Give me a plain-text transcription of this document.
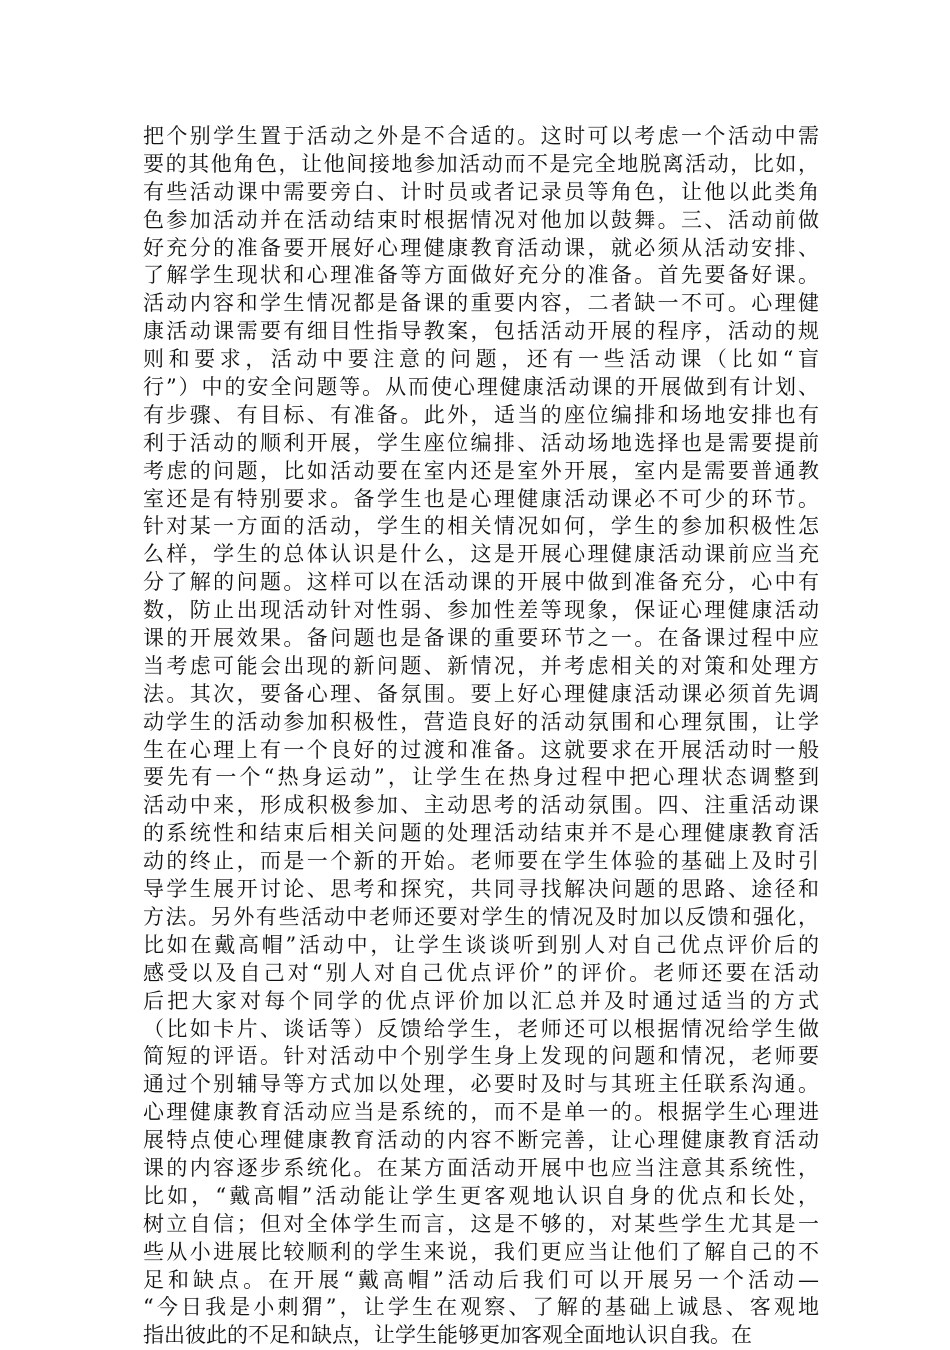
把个别学生置于活动之外是不合适的。这时可以考虑一个活动中需
要的其他角色，让他间接地参加活动而不是完全地脱离活动，比如，
有些活动课中需要旁白、计时员或者记录员等角色，让他以此类角
色参加活动并在活动结束时根据情况对他加以鼓舞。三、活动前做
好充分的准备要开展好心理健康教育活动课，就必须从活动安排、
了解学生现状和心理准备等方面做好充分的准备。首先要备好课。
活动内容和学生情况都是备课的重要内容，二者缺一不可。心理健
康活动课需要有细目性指导教案，包括活动开展的程序，活动的规
则和要求，活动中要注意的问题，还有一些活动课（比如“盲
行”）中的安全问题等。从而使心理健康活动课的开展做到有计划、
有步骤、有目标、有准备。此外，适当的座位编排和场地安排也有
利于活动的顺利开展，学生座位编排、活动场地选择也是需要提前
考虑的问题，比如活动要在室内还是室外开展，室内是需要普通教
室还是有特别要求。备学生也是心理健康活动课必不可少的环节。
针对某一方面的活动，学生的相关情况如何，学生的参加积极性怎
么样，学生的总体认识是什么，这是开展心理健康活动课前应当充
分了解的问题。这样可以在活动课的开展中做到准备充分，心中有
数，防止出现活动针对性弱、参加性差等现象，保证心理健康活动
课的开展效果。备问题也是备课的重要环节之一。在备课过程中应
当考虑可能会出现的新问题、新情况，并考虑相关的对策和处理方
法。其次，要备心理、备氛围。要上好心理健康活动课必须首先调
动学生的活动参加积极性，营造良好的活动氛围和心理氛围，让学
生在心理上有一个良好的过渡和准备。这就要求在开展活动时一般
要先有一个“热身运动”，让学生在热身过程中把心理状态调整到
活动中来，形成积极参加、主动思考的活动氛围。四、注重活动课
的系统性和结束后相关问题的处理活动结束并不是心理健康教育活
动的终止，而是一个新的开始。老师要在学生体验的基础上及时引
导学生展开讨论、思考和探究，共同寻找解决问题的思路、途径和
方法。另外有些活动中老师还要对学生的情况及时加以反馈和强化，
比如在戴高帽”活动中，让学生谈谈听到别人对自己优点评价后的
感受以及自己对“别人对自己优点评价”的评价。老师还要在活动
后把大家对每个同学的优点评价加以汇总并及时通过适当的方式
（比如卡片、谈话等）反馈给学生，老师还可以根据情况给学生做
简短的评语。针对活动中个别学生身上发现的问题和情况，老师要
通过个别辅导等方式加以处理，必要时及时与其班主任联系沟通。
心理健康教育活动应当是系统的，而不是单一的。根据学生心理进
展特点使心理健康教育活动的内容不断完善，让心理健康教育活动
课的内容逐步系统化。在某方面活动开展中也应当注意其系统性，
比如，“戴高帽”活动能让学生更客观地认识自身的优点和长处，
树立自信；但对全体学生而言，这是不够的，对某些学生尤其是一
些从小进展比较顺利的学生来说，我们更应当让他们了解自己的不
足和缺点。在开展“戴高帽”活动后我们可以开展另一个活动—
“今日我是小刺猬”，让学生在观察、了解的基础上诚恳、客观地
指出彼此的不足和缺点，让学生能够更加客观全面地认识自我。在
